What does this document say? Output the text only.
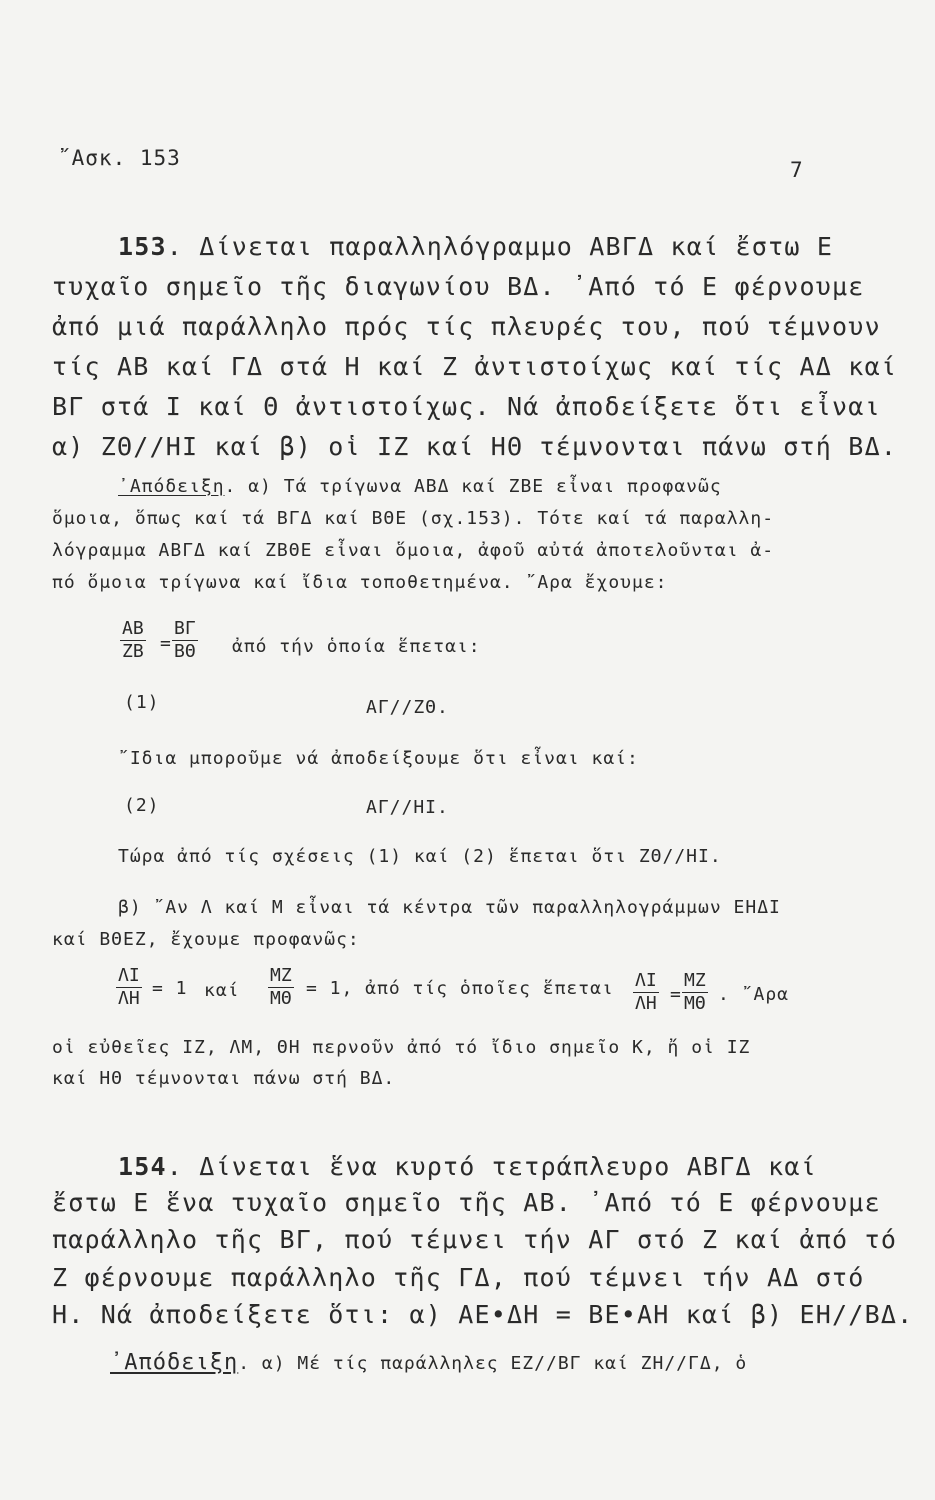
῎Ασκ. 153	7
153. Δίνεται παραλληλόγραμμο ΑΒΓΔ καί ἔστω Ε
τυχαῖο σημεῖο τῆς διαγωνίου ΒΔ. ᾿Από τό Ε φέρνουμε
ἀπό μιά παράλληλο πρός τίς πλευρές του, πού τέμνουν
τίς ΑΒ καί ΓΔ στά Η καί Ζ ἀντιστοίχως καί τίς ΑΔ καί
ΒΓ στά Ι καί Θ ἀντιστοίχως. Νά ἀποδείξετε ὅτι εἶναι
α) ΖΘ//ΗΙ καί β) οἱ ΙΖ καί ΗΘ τέμνονται πάνω στή ΒΔ.
᾿Απόδειξη. α) Τά τρίγωνα ΑΒΔ καί ΖΒΕ εἶναι προφανῶς
ὅμοια, ὅπως καί τά ΒΓΔ καί ΒΘΕ (σχ.153). Τότε καί τά παραλλη-
λόγραμμα ΑΒΓΔ καί ΖΒΘΕ εἶναι ὅμοια, ἀφοῦ αὐτά ἀποτελοῦνται ἀ-
πό ὅμοια τρίγωνα καί ἴδια τοποθετημένα. ῎Αρα ἔχουμε:
$\frac{AB}{ZB} = \frac{B\Gamma}{B\Theta}$ ἀπό τήν ὁποία ἕπεται:
(1)	ΑΓ//ΖΘ.
῎Ιδια μποροῦμε νά ἀποδείξουμε ὅτι εἶναι καί:
(2)	ΑΓ//ΗΙ.
Τώρα ἀπό τίς σχέσεις (1) καί (2) ἕπεται ὅτι ΖΘ//ΗΙ.
β) ῎Αν Λ καί Μ εἶναι τά κέντρα τῶν παραλληλογράμμων ΕΗΔΙ
καί ΒΘΕΖ, ἔχουμε προφανῶς:
$\frac{\Lambda I}{\Lambda H} = 1$ καί $\frac{MZ}{M\Theta} = 1$, ἀπό τίς ὁποῖες ἕπεται $\frac{\Lambda I}{\Lambda H} = \frac{MZ}{M\Theta}$ . ῎Αρα
οἱ εὐθεῖες ΙΖ, ΛΜ, ΘΗ περνοῦν ἀπό τό ἴδιο σημεῖο Κ, ἤ οἱ ΙΖ
καί ΗΘ τέμνονται πάνω στή ΒΔ.
154. Δίνεται ἕνα κυρτό τετράπλευρο ΑΒΓΔ καί
ἔστω Ε ἕνα τυχαῖο σημεῖο τῆς ΑΒ. ᾿Από τό Ε φέρνουμε
παράλληλο τῆς ΒΓ, πού τέμνει τήν ΑΓ στό Ζ καί ἀπό τό
Ζ φέρνουμε παράλληλο τῆς ΓΔ, πού τέμνει τήν ΑΔ στό
Η. Νά ἀποδείξετε ὅτι: α) ΑΕ•ΔΗ = ΒΕ•ΑΗ καί β) ΕΗ//ΒΔ.
᾿Απόδειξη. α) Μέ τίς παράλληλες ΕΖ//ΒΓ καί ΖΗ//ΓΔ, ὁ
